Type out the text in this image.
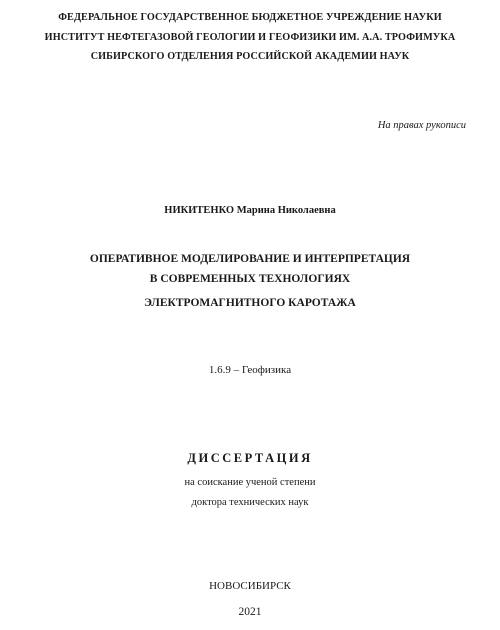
ФЕДЕРАЛЬНОЕ ГОСУДАРСТВЕННОЕ БЮДЖЕТНОЕ УЧРЕЖДЕНИЕ НАУКИ
ИНСТИТУТ НЕФТЕГАЗОВОЙ ГЕОЛОГИИ И ГЕОФИЗИКИ ИМ. А.А. ТРОФИМУКА
СИБИРСКОГО ОТДЕЛЕНИЯ РОССИЙСКОЙ АКАДЕМИИ НАУК
На правах рукописи
НИКИТЕНКО Марина Николаевна
ОПЕРАТИВНОЕ МОДЕЛИРОВАНИЕ И ИНТЕРПРЕТАЦИЯ
В СОВРЕМЕННЫХ ТЕХНОЛОГИЯХ
ЭЛЕКТРОМАГНИТНОГО КАРОТАЖА
1.6.9 – Геофизика
ДИССЕРТАЦИЯ
на соискание ученой степени
доктора технических наук
НОВОСИБИРСК
2021
